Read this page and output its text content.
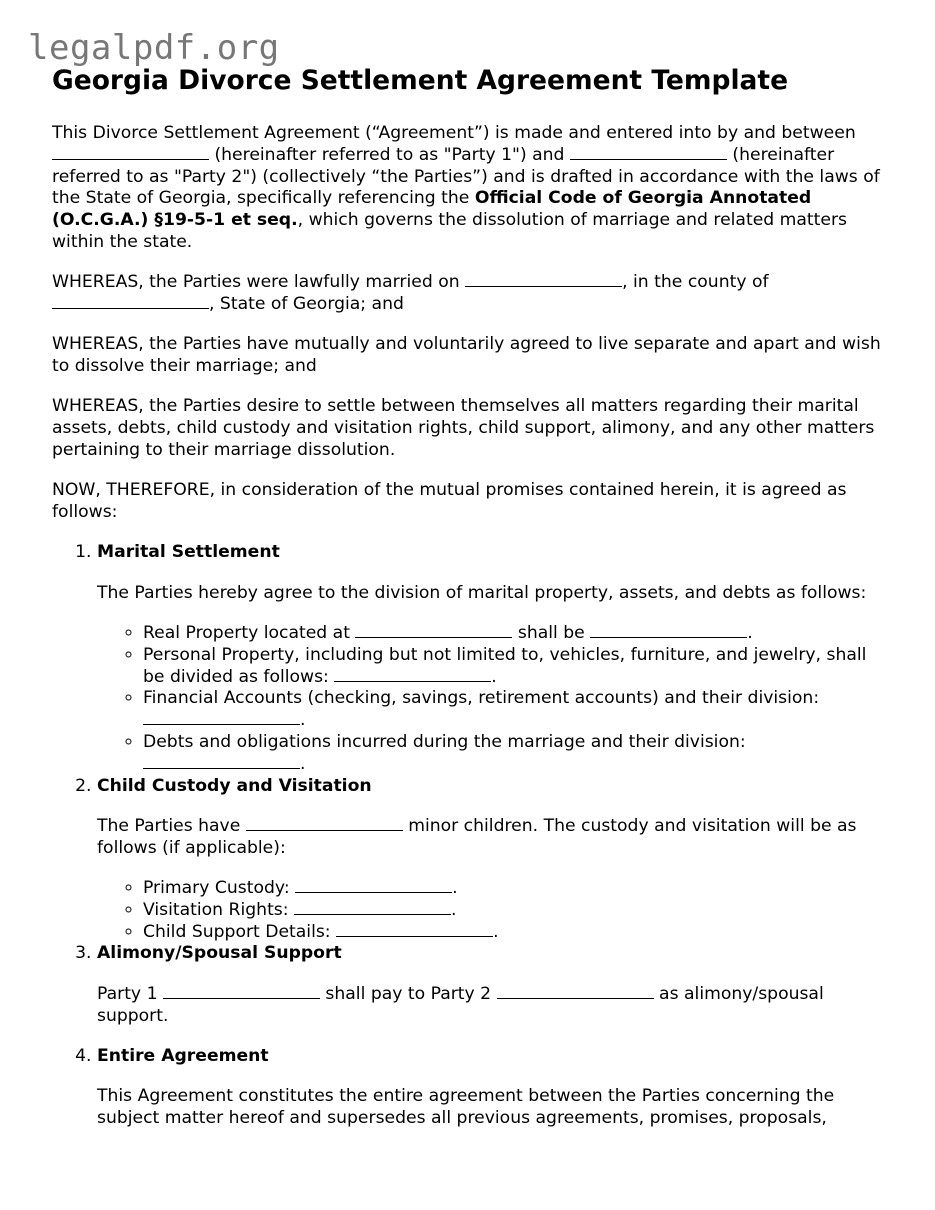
legalpdf.org
Georgia Divorce Settlement Agreement Template

This Divorce Settlement Agreement (“Agreement”) is made and entered into by and between  (hereinafter referred to as "Party 1") and	(hereinafter referred to as "Party 2") (collectively “the Parties”) and is drafted in accordance with the laws of the State of Georgia, specifically referencing the Official Code of Georgia Annotated (O.C.G.A.) §19-5-1 et seq., which governs the dissolution of marriage and related matters within the state.

WHEREAS, the Parties were lawfully married on	, in the county of , State of Georgia; and

WHEREAS, the Parties have mutually and voluntarily agreed to live separate and apart and wish to dissolve their marriage; and

WHEREAS, the Parties desire to settle between themselves all matters regarding their marital assets, debts, child custody and visitation rights, child support, alimony, and any other matters pertaining to their marriage dissolution.

NOW, THEREFORE, in consideration of the mutual promises contained herein, it is agreed as follows:

1. Marital Settlement

The Parties hereby agree to the division of marital property, assets, and debts as follows:

◦ Real Property located at	shall be	.
◦ Personal Property, including but not limited to, vehicles, furniture, and jewelry, shall be divided as follows:	.
◦ Financial Accounts (checking, savings, retirement accounts) and their division: .
◦ Debts and obligations incurred during the marriage and their division: .
2. Child Custody and Visitation

The Parties have	minor children. The custody and visitation will be as follows (if applicable):

◦ Primary Custody:	.
◦ Visitation Rights:	.
◦ Child Support Details:	.
3. Alimony/Spousal Support

Party 1	shall pay to Party 2	as alimony/spousal support.

4. Entire Agreement

This Agreement constitutes the entire agreement between the Parties concerning the subject matter hereof and supersedes all previous agreements, promises, proposals,
